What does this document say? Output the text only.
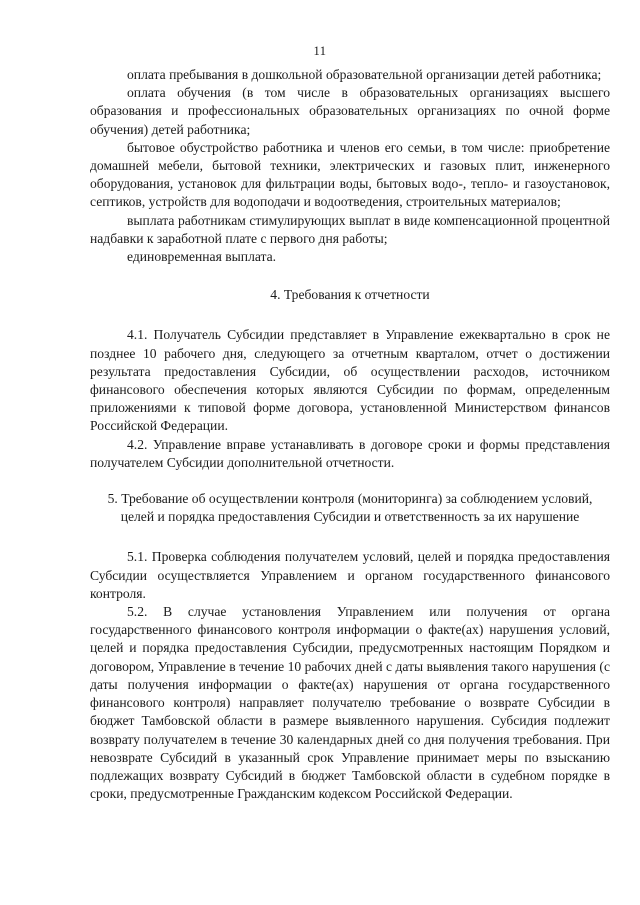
11

оплата пребывания в дошкольной образовательной организации детей работника;

оплата обучения (в том числе в образовательных организациях высшего образования и профессиональных образовательных организациях по очной форме обучения) детей работника;

бытовое обустройство работника и членов его семьи, в том числе: приобретение домашней мебели, бытовой техники, электрических и газовых плит, инженерного оборудования, установок для фильтрации воды, бытовых водо-, тепло- и газоустановок, септиков, устройств для водоподачи и водоотведения, строительных материалов;

выплата работникам стимулирующих выплат в виде компенсационной процентной надбавки к заработной плате с первого дня работы;

единовременная выплата.

4. Требования к отчетности

4.1. Получатель Субсидии представляет в Управление ежеквартально в срок не позднее 10 рабочего дня, следующего за отчетным кварталом, отчет о достижении результата предоставления Субсидии, об осуществлении расходов, источником финансового обеспечения которых являются Субсидии по формам, определенным приложениями к типовой форме договора, установленной Министерством финансов Российской Федерации.

4.2. Управление вправе устанавливать в договоре сроки и формы представления получателем Субсидии дополнительной отчетности.

5. Требование об осуществлении контроля (мониторинга) за соблюдением условий, целей и порядка предоставления Субсидии и ответственность за их нарушение

5.1. Проверка соблюдения получателем условий, целей и порядка предоставления Субсидии осуществляется Управлением и органом государственного финансового контроля.

5.2. В случае установления Управлением или получения от органа государственного финансового контроля информации о факте(ах) нарушения условий, целей и порядка предоставления Субсидии, предусмотренных настоящим Порядком и договором, Управление в течение 10 рабочих дней с даты выявления такого нарушения (с даты получения информации о факте(ах) нарушения от органа государственного финансового контроля) направляет получателю требование о возврате Субсидии в бюджет Тамбовской области в размере выявленного нарушения. Субсидия подлежит возврату получателем в течение 30 календарных дней со дня получения требования. При невозврате Субсидий в указанный срок Управление принимает меры по взысканию подлежащих возврату Субсидий в бюджет Тамбовской области в судебном порядке в сроки, предусмотренные Гражданским кодексом Российской Федерации.
